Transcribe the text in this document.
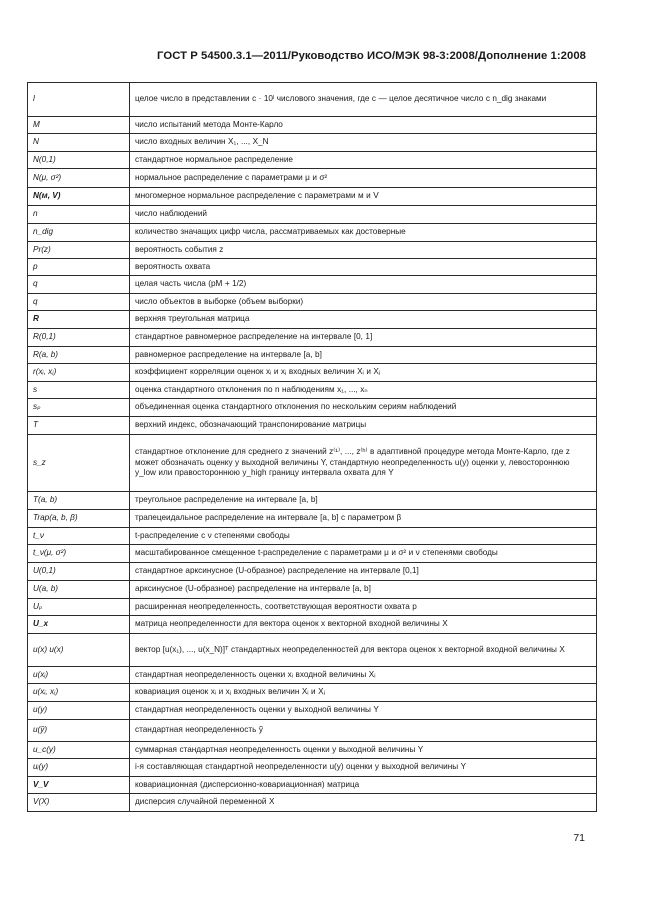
ГОСТ Р 54500.3.1—2011/Руководство ИСО/МЭК 98-3:2008/Дополнение 1:2008
l	целое число в представлении c · 10ˡ числового значения, где c — целое десятичное число с n_dig знаками
M	число испытаний метода Монте-Карло
N	число входных величин X₁, ..., X_N
N(0,1)	стандартное нормальное распределение
N(μ, σ²)	нормальное распределение с параметрами μ и σ²
N(м, V)	многомерное нормальное распределение с параметрами м и V
n	число наблюдений
n_dig	количество значащих цифр числа, рассматриваемых как достоверные
Pr(z)	вероятность события z
p	вероятность охвата
q	целая часть числа (pM + 1/2)
q	число объектов в выборке (объем выборки)
R	верхняя треугольная матрица
R(0,1)	стандартное равномерное распределение на интервале [0, 1]
R(a, b)	равномерное распределение на интервале [a, b]
r(xᵢ, xⱼ)	коэффициент корреляции оценок xᵢ и xⱼ входных величин Xᵢ и Xⱼ
s	оценка стандартного отклонения по n наблюдениям x₁, ..., xₙ
sₚ	объединенная оценка стандартного отклонения по нескольким сериям наблюдений
T	верхний индекс, обозначающий транспонирование матрицы
s_z	стандартное отклонение для среднего z значений z⁽¹⁾, ..., z⁽ʰ⁾ в адаптивной процедуре метода Монте-Карло, где z может обозначать оценку y выходной величины Y, стандартную неопределенность u(y) оценки y, левостороннюю y_low или правостороннюю y_high границу интервала охвата для Y
T(a, b)	треугольное распределение на интервале [a, b]
Trap(a, b, β)	трапецеидальное распределение на интервале [a, b] с параметром β
t_ν	t-распределение с ν степенями свободы
t_ν(μ, σ²)	масштабированное смещенное t-распределение с параметрами μ и σ² и ν степенями свободы
U(0,1)	стандартное арксинусное (U-образное) распределение на интервале [0,1]
U(a, b)	арксинусное (U-образное) распределение на интервале [a, b]
Uₚ	расширенная неопределенность, соответствующая вероятности охвата p
U_x	матрица неопределенности для вектора оценок x векторной входной величины X
u(x) u(x)	вектор [u(x₁), ..., u(x_N)]ᵀ стандартных неопределенностей для вектора оценок x векторной входной величины X
u(xᵢ)	стандартная неопределенность оценки xᵢ входной величины Xᵢ
u(xᵢ, xⱼ)	ковариация оценок xᵢ и xⱼ входных величин Xᵢ и Xⱼ
u(y)	стандартная неопределенность оценки y выходной величины Y
u(ỹ)	стандартная неопределенность ỹ
u_c(y)	суммарная стандартная неопределенность оценки y выходной величины Y
uᵢ(y)	i-я составляющая стандартной неопределенности u(y) оценки y выходной величины Y
V_V	ковариационная (дисперсионно-ковариационная) матрица
V(X)	дисперсия случайной переменной X
71
